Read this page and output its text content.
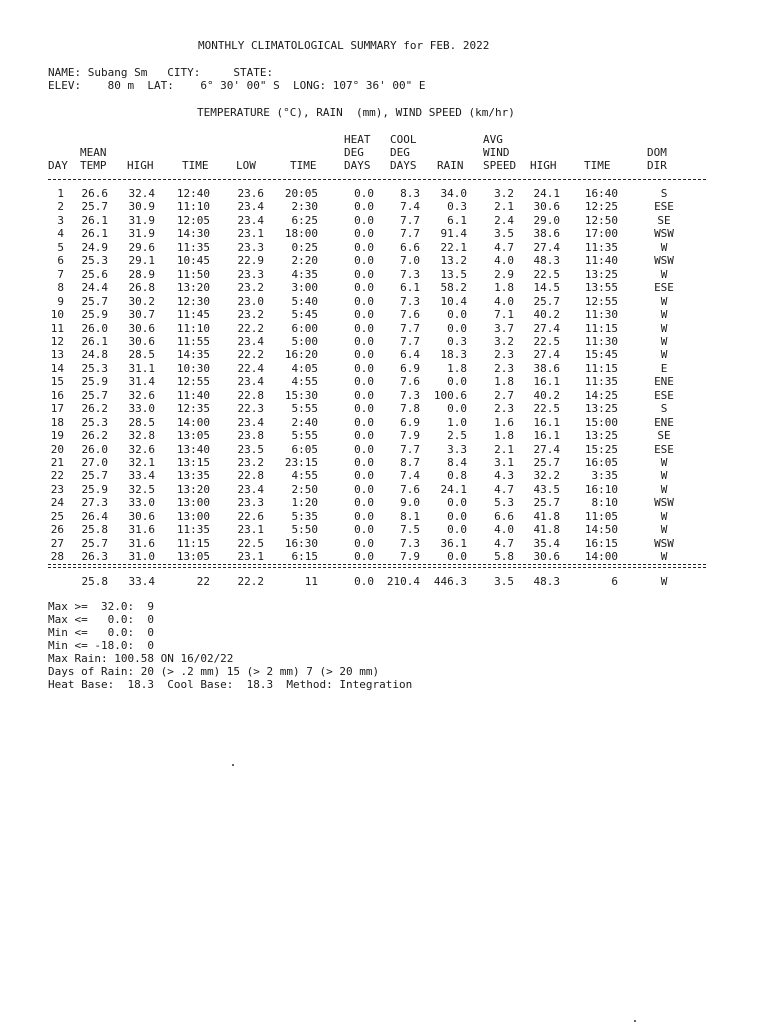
MONTHLY CLIMATOLOGICAL SUMMARY for FEB. 2022
NAME: Subang Sm   CITY:     STATE:
ELEV:    80 m  LAT:    6° 30' 00" S  LONG: 107° 36' 00" E
TEMPERATURE (°C), RAIN  (mm), WIND SPEED (km/hr)
HEAT COOL	AVG
MEAN	DEG DEG	WIND	DOM
DAY TEMP HIGH	TIME	LOW	TIME	DAYS DAYS RAIN SPEED HIGH	TIME	DIR
1 26.6 32.4 12:40	23.6 20:05	0.0 8.3 34.0 3.2 24.1 16:40	S
2 25.7 30.9 11:10	23.4	2:30	0.0 7.4 0.3 2.1 30.6 12:25	ESE
3 26.1 31.9 12:05	23.4	6:25	0.0 7.7 6.1 2.4 29.0 12:50	SE
4 26.1 31.9 14:30	23.1 18:00	0.0 7.7 91.4 3.5 38.6 17:00	WSW
5 24.9 29.6 11:35	23.3	0:25	0.0 6.6 22.1 4.7 27.4 11:35	W
6 25.3 29.1 10:45	22.9	2:20	0.0 7.0 13.2 4.0 48.3 11:40	WSW
7 25.6 28.9 11:50	23.3	4:35	0.0 7.3 13.5 2.9 22.5 13:25	W
8 24.4 26.8 13:20	23.2	3:00	0.0 6.1 58.2 1.8 14.5 13:55	ESE
9 25.7 30.2 12:30	23.0	5:40	0.0 7.3 10.4 4.0 25.7 12:55	W
10 25.9 30.7 11:45	23.2	5:45	0.0 7.6 0.0 7.1 40.2 11:30	W
11 26.0 30.6 11:10	22.2	6:00	0.0 7.7 0.0 3.7 27.4 11:15	W
12 26.1 30.6 11:55	23.4	5:00	0.0 7.7 0.3 3.2 22.5 11:30	W
13 24.8 28.5 14:35	22.2 16:20	0.0 6.4 18.3 2.3 27.4 15:45	W
14 25.3 31.1 10:30	22.4	4:05	0.0 6.9 1.8 2.3 38.6 11:15	E
15 25.9 31.4 12:55	23.4	4:55	0.0 7.6 0.0 1.8 16.1 11:35	ENE
16 25.7 32.6 11:40	22.8 15:30	0.0 7.3 100.6 2.7 40.2 14:25	ESE
17 26.2 33.0 12:35	22.3	5:55	0.0 7.8 0.0 2.3 22.5 13:25	S
18 25.3 28.5 14:00	23.4	2:40	0.0 6.9 1.0 1.6 16.1 15:00	ENE
19 26.2 32.8 13:05	23.8	5:55	0.0 7.9 2.5 1.8 16.1 13:25	SE
20 26.0 32.6 13:40	23.5	6:05	0.0 7.7 3.3 2.1 27.4 15:25	ESE
21 27.0 32.1 13:15	23.2 23:15	0.0 8.7 8.4 3.1 25.7 16:05	W
22 25.7 33.4 13:35	22.8	4:55	0.0 7.4 0.8 4.3 32.2	3:35	W
23 25.9 32.5 13:20	23.4	2:50	0.0 7.6 24.1 4.7 43.5 16:10	W
24 27.3 33.0 13:00	23.3	1:20	0.0 9.0 0.0 5.3 25.7	8:10	WSW
25 26.4 30.6 13:00	22.6	5:35	0.0 8.1 0.0 6.6 41.8 11:05	W
26 25.8 31.6 11:35	23.1	5:50	0.0 7.5 0.0 4.0 41.8 14:50	W
27 25.7 31.6 11:15	22.5 16:30	0.0 7.3 36.1 4.7 35.4 16:15	WSW
28 26.3 31.0 13:05	23.1	6:15	0.0 7.9 0.0 5.8 30.6 14:00	W
25.8 33.4	22	22.2	11	0.0 210.4 446.3 3.5 48.3	6	W
Max >=  32.0:  9
Max <=   0.0:  0
Min <=   0.0:  0
Min <= -18.0:  0
Max Rain: 100.58 ON 16/02/22
Days of Rain: 20 (> .2 mm) 15 (> 2 mm) 7 (> 20 mm)
Heat Base:  18.3  Cool Base:  18.3  Method: Integration
